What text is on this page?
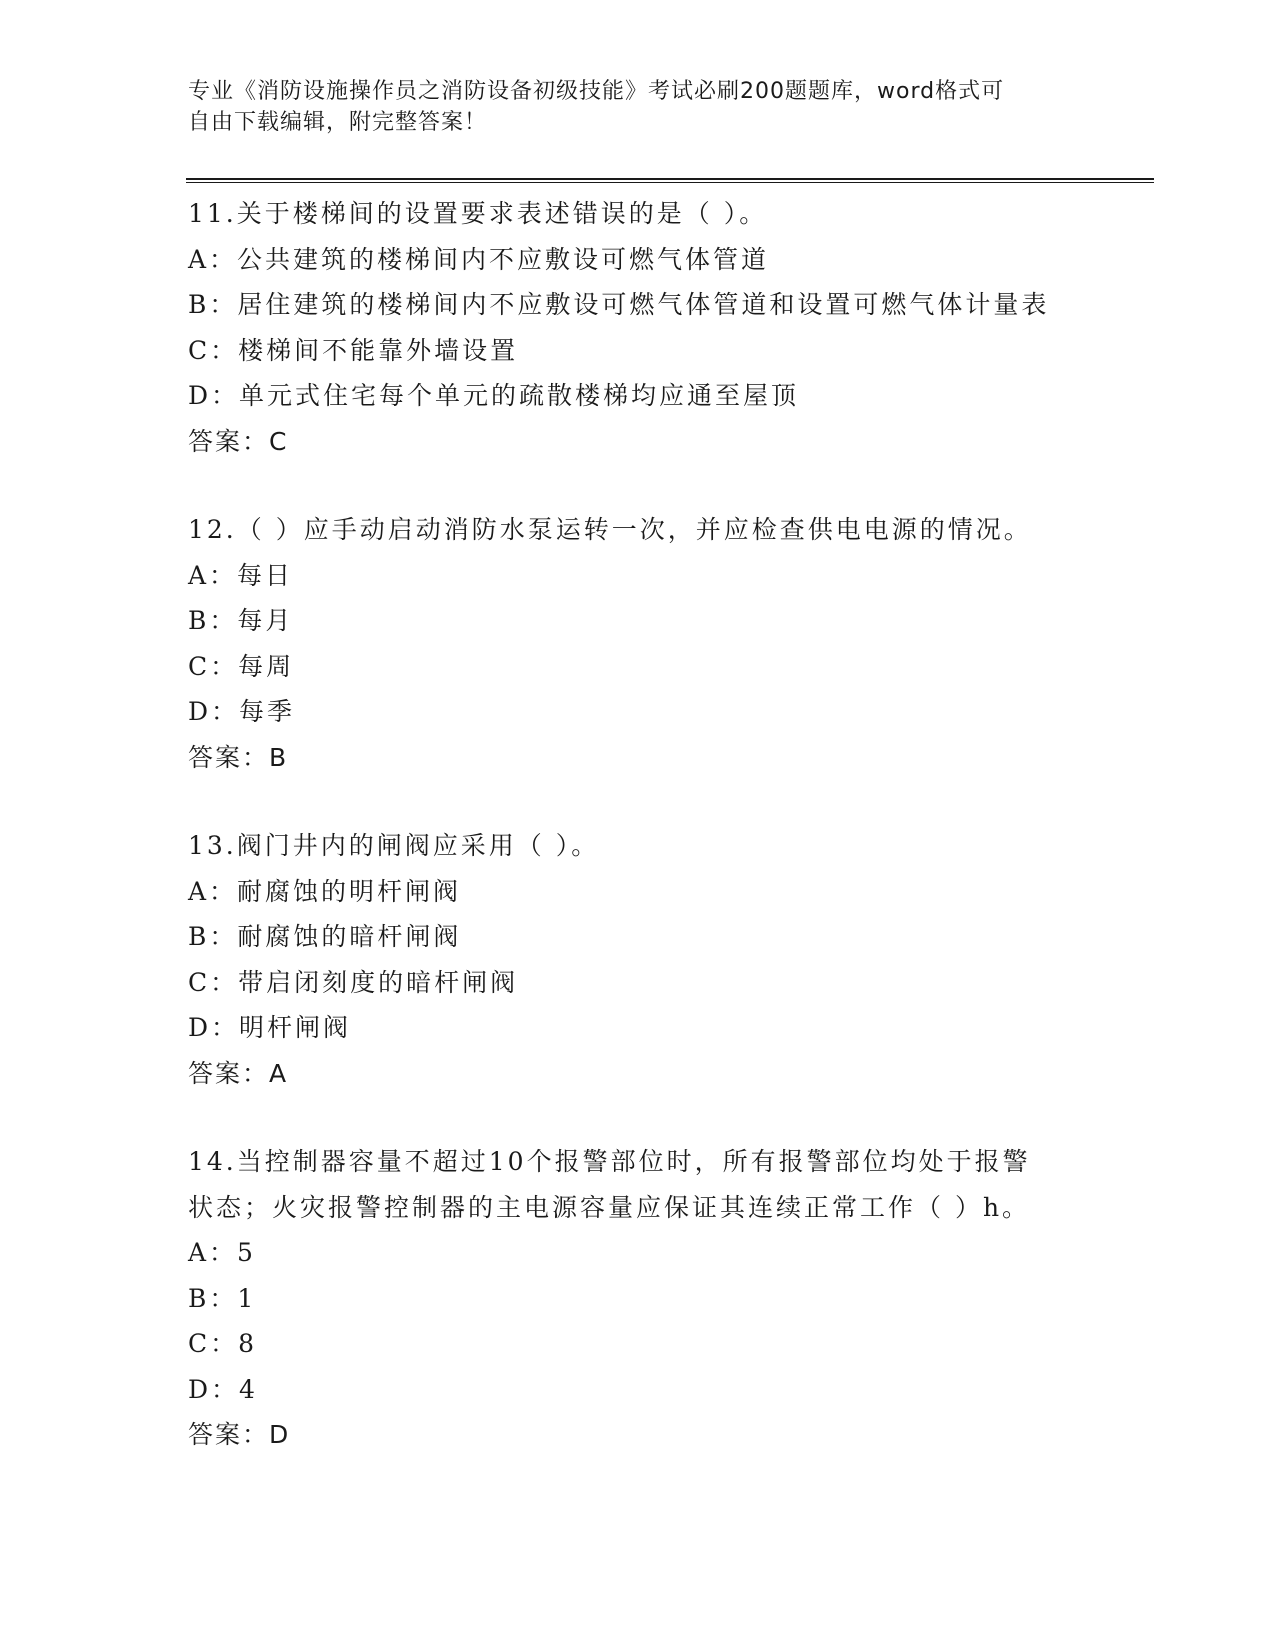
专业《消防设施操作员之消防设备初级技能》考试必刷200题题库，word格式可
自由下载编辑，附完整答案！
11.关于楼梯间的设置要求表述错误的是（ ）。
A：公共建筑的楼梯间内不应敷设可燃气体管道
B：居住建筑的楼梯间内不应敷设可燃气体管道和设置可燃气体计量表
C：楼梯间不能靠外墙设置
D：单元式住宅每个单元的疏散楼梯均应通至屋顶
答案：C
12.（ ）应手动启动消防水泵运转一次，并应检查供电电源的情况。
A：每日
B：每月
C：每周
D：每季
答案：B
13.阀门井内的闸阀应采用（ ）。
A：耐腐蚀的明杆闸阀
B：耐腐蚀的暗杆闸阀
C：带启闭刻度的暗杆闸阀
D：明杆闸阀
答案：A
14.当控制器容量不超过10个报警部位时，所有报警部位均处于报警
状态；火灾报警控制器的主电源容量应保证其连续正常工作（ ）h。
A：5
B：1
C：8
D：4
答案：D
